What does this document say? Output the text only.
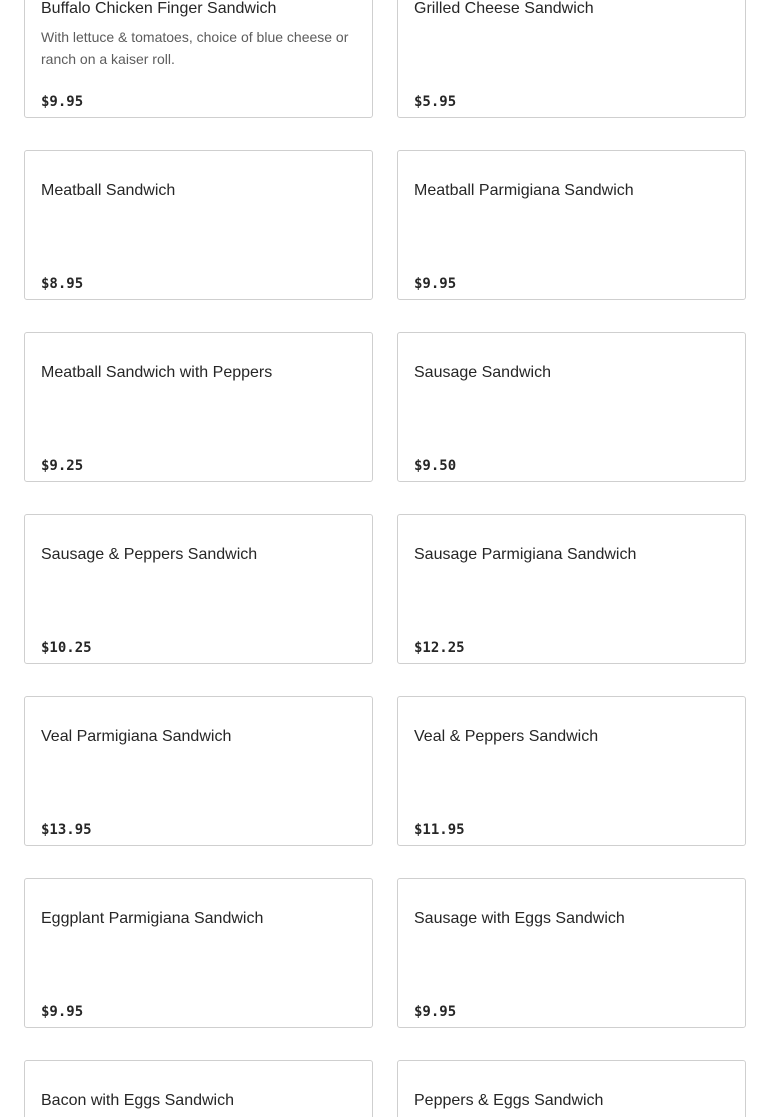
Buffalo Chicken Finger Sandwich
With lettuce & tomatoes, choice of blue cheese or ranch on a kaiser roll.
$9.95
Grilled Cheese Sandwich
$5.95
Meatball Sandwich
$8.95
Meatball Parmigiana Sandwich
$9.95
Meatball Sandwich with Peppers
$9.25
Sausage Sandwich
$9.50
Sausage & Peppers Sandwich
$10.25
Sausage Parmigiana Sandwich
$12.25
Veal Parmigiana Sandwich
$13.95
Veal & Peppers Sandwich
$11.95
Eggplant Parmigiana Sandwich
$9.95
Sausage with Eggs Sandwich
$9.95
Bacon with Eggs Sandwich	Peppers & Eggs Sandwich
